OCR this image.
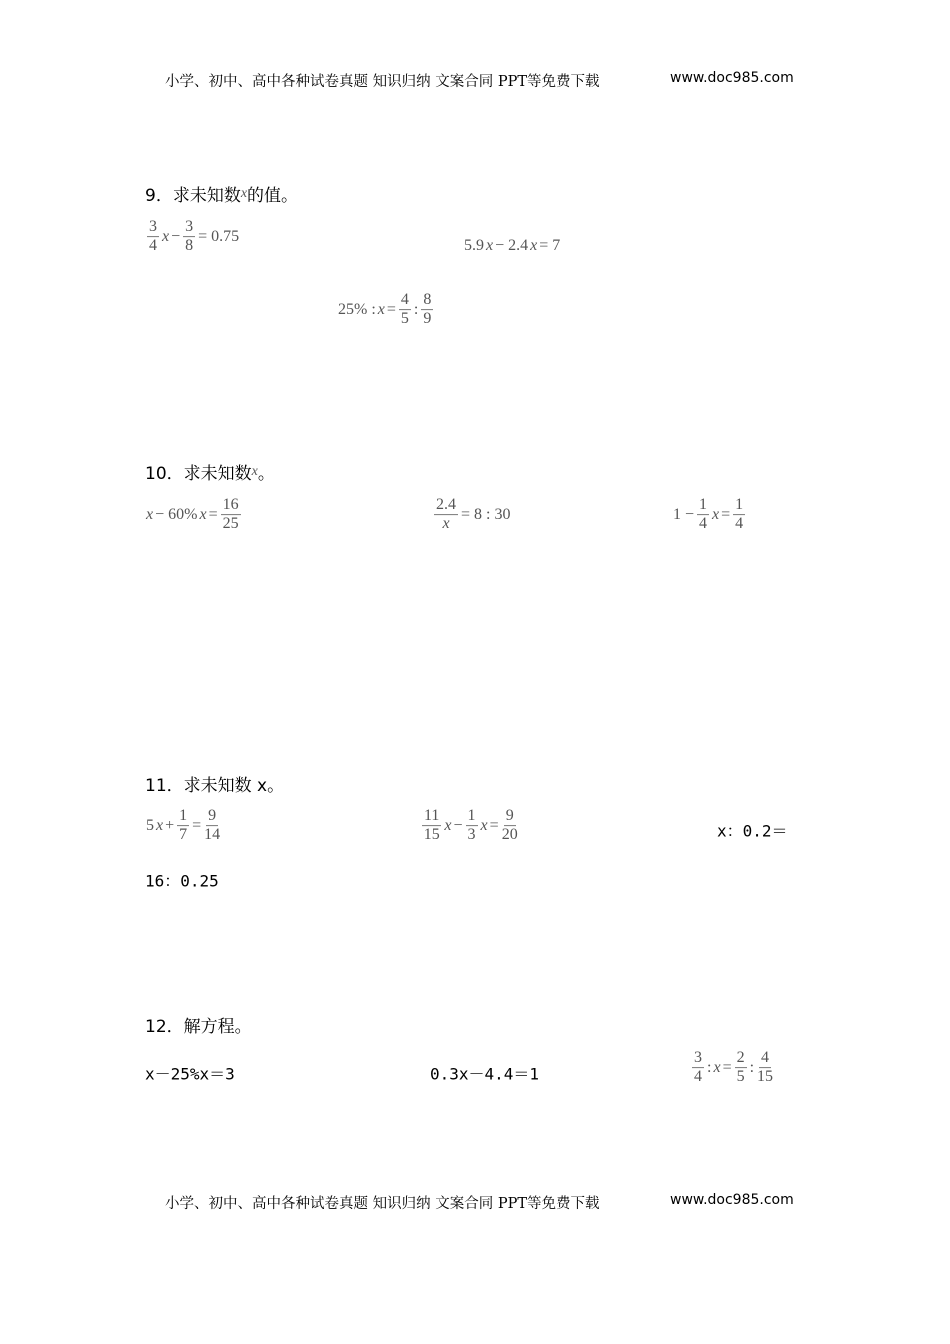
小学、初中、高中各种试卷真题 知识归纳 文案合同 PPT等免费下载	www.doc985.com
9．求未知数$^x$的值。
$\frac{3}{4}$ $x - \frac{3}{8} = 0.75$
5.9 x − 2.4 x = 7
25% : $x = \frac{4}{5}$ : $\frac{8}{9}$
10．求未知数$^x$。
x − 60% $x = \frac{16}{25}$	$\frac{2.4}{x} = 8$ : 30	$1 - \frac{1}{4}$ $x = \frac{1}{4}$
11．求未知数 x。
5 $x + \frac{1}{7} = \frac{9}{14}$	$\frac{11}{15}$ $x - \frac{1}{3}$ $x = \frac{9}{20}$	x：0.2＝
16：0.25
12．解方程。
x－25%x＝3	0.3x－4.4＝1	$\frac{3}{4}$ : $x = \frac{2}{5}$ : $\frac{4}{15}$
小学、初中、高中各种试卷真题 知识归纳 文案合同 PPT等免费下载	www.doc985.com
